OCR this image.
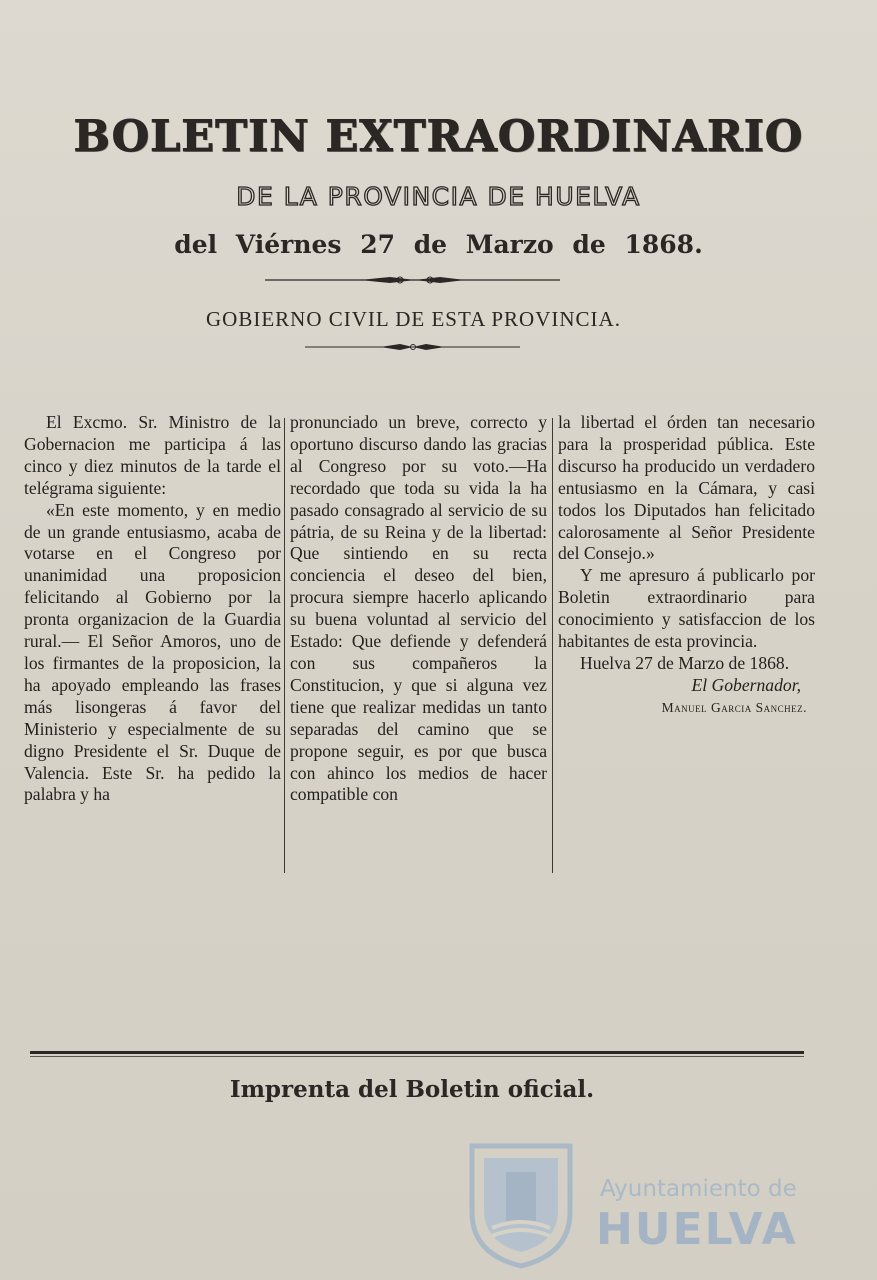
BOLETIN EXTRAORDINARIO
DE LA PROVINCIA DE HUELVA
del Viérnes 27 de Marzo de 1868.
GOBIERNO CIVIL DE ESTA PROVINCIA.

El Excmo. Sr. Ministro de la Gobernacion me participa á las cinco y diez minutos de la tarde el telégrama siguiente:

«En este momento, y en medio de un grande entusiasmo, acaba de votarse en el Congreso por unanimidad una proposicion felicitando al Gobierno por la pronta organizacion de la Guardia rural.— El Señor Amoros, uno de los firmantes de la proposicion, la ha apoyado empleando las frases más lisongeras á favor del Ministerio y especialmente de su digno Presidente el Sr. Duque de Valencia. Este Sr. ha pedido la palabra y ha

pronunciado un breve, correcto y oportuno discurso dando las gracias al Congreso por su voto.—Ha recordado que toda su vida la ha pasado consagrado al servicio de su pátria, de su Reina y de la libertad: Que sintiendo en su recta conciencia el deseo del bien, procura siempre hacerlo aplicando su buena voluntad al servicio del Estado: Que defiende y defenderá con sus compañeros la Constitucion, y que si alguna vez tiene que realizar medidas un tanto separadas del camino que se propone seguir, es por que busca con ahinco los medios de hacer compatible con

la libertad el órden tan necesario para la prosperidad pública. Este discurso ha producido un verdadero entusiasmo en la Cámara, y casi todos los Diputados han felicitado calorosamente al Señor Presidente del Consejo.»

Y me apresuro á publicarlo por Boletin extraordinario para conocimiento y satisfaccion de los habitantes de esta provincia.

Huelva 27 de Marzo de 1868.

El Gobernador,

Manuel Garcia Sanchez.

Imprenta del Boletin oficial.
Ayuntamiento de
HUELVA
